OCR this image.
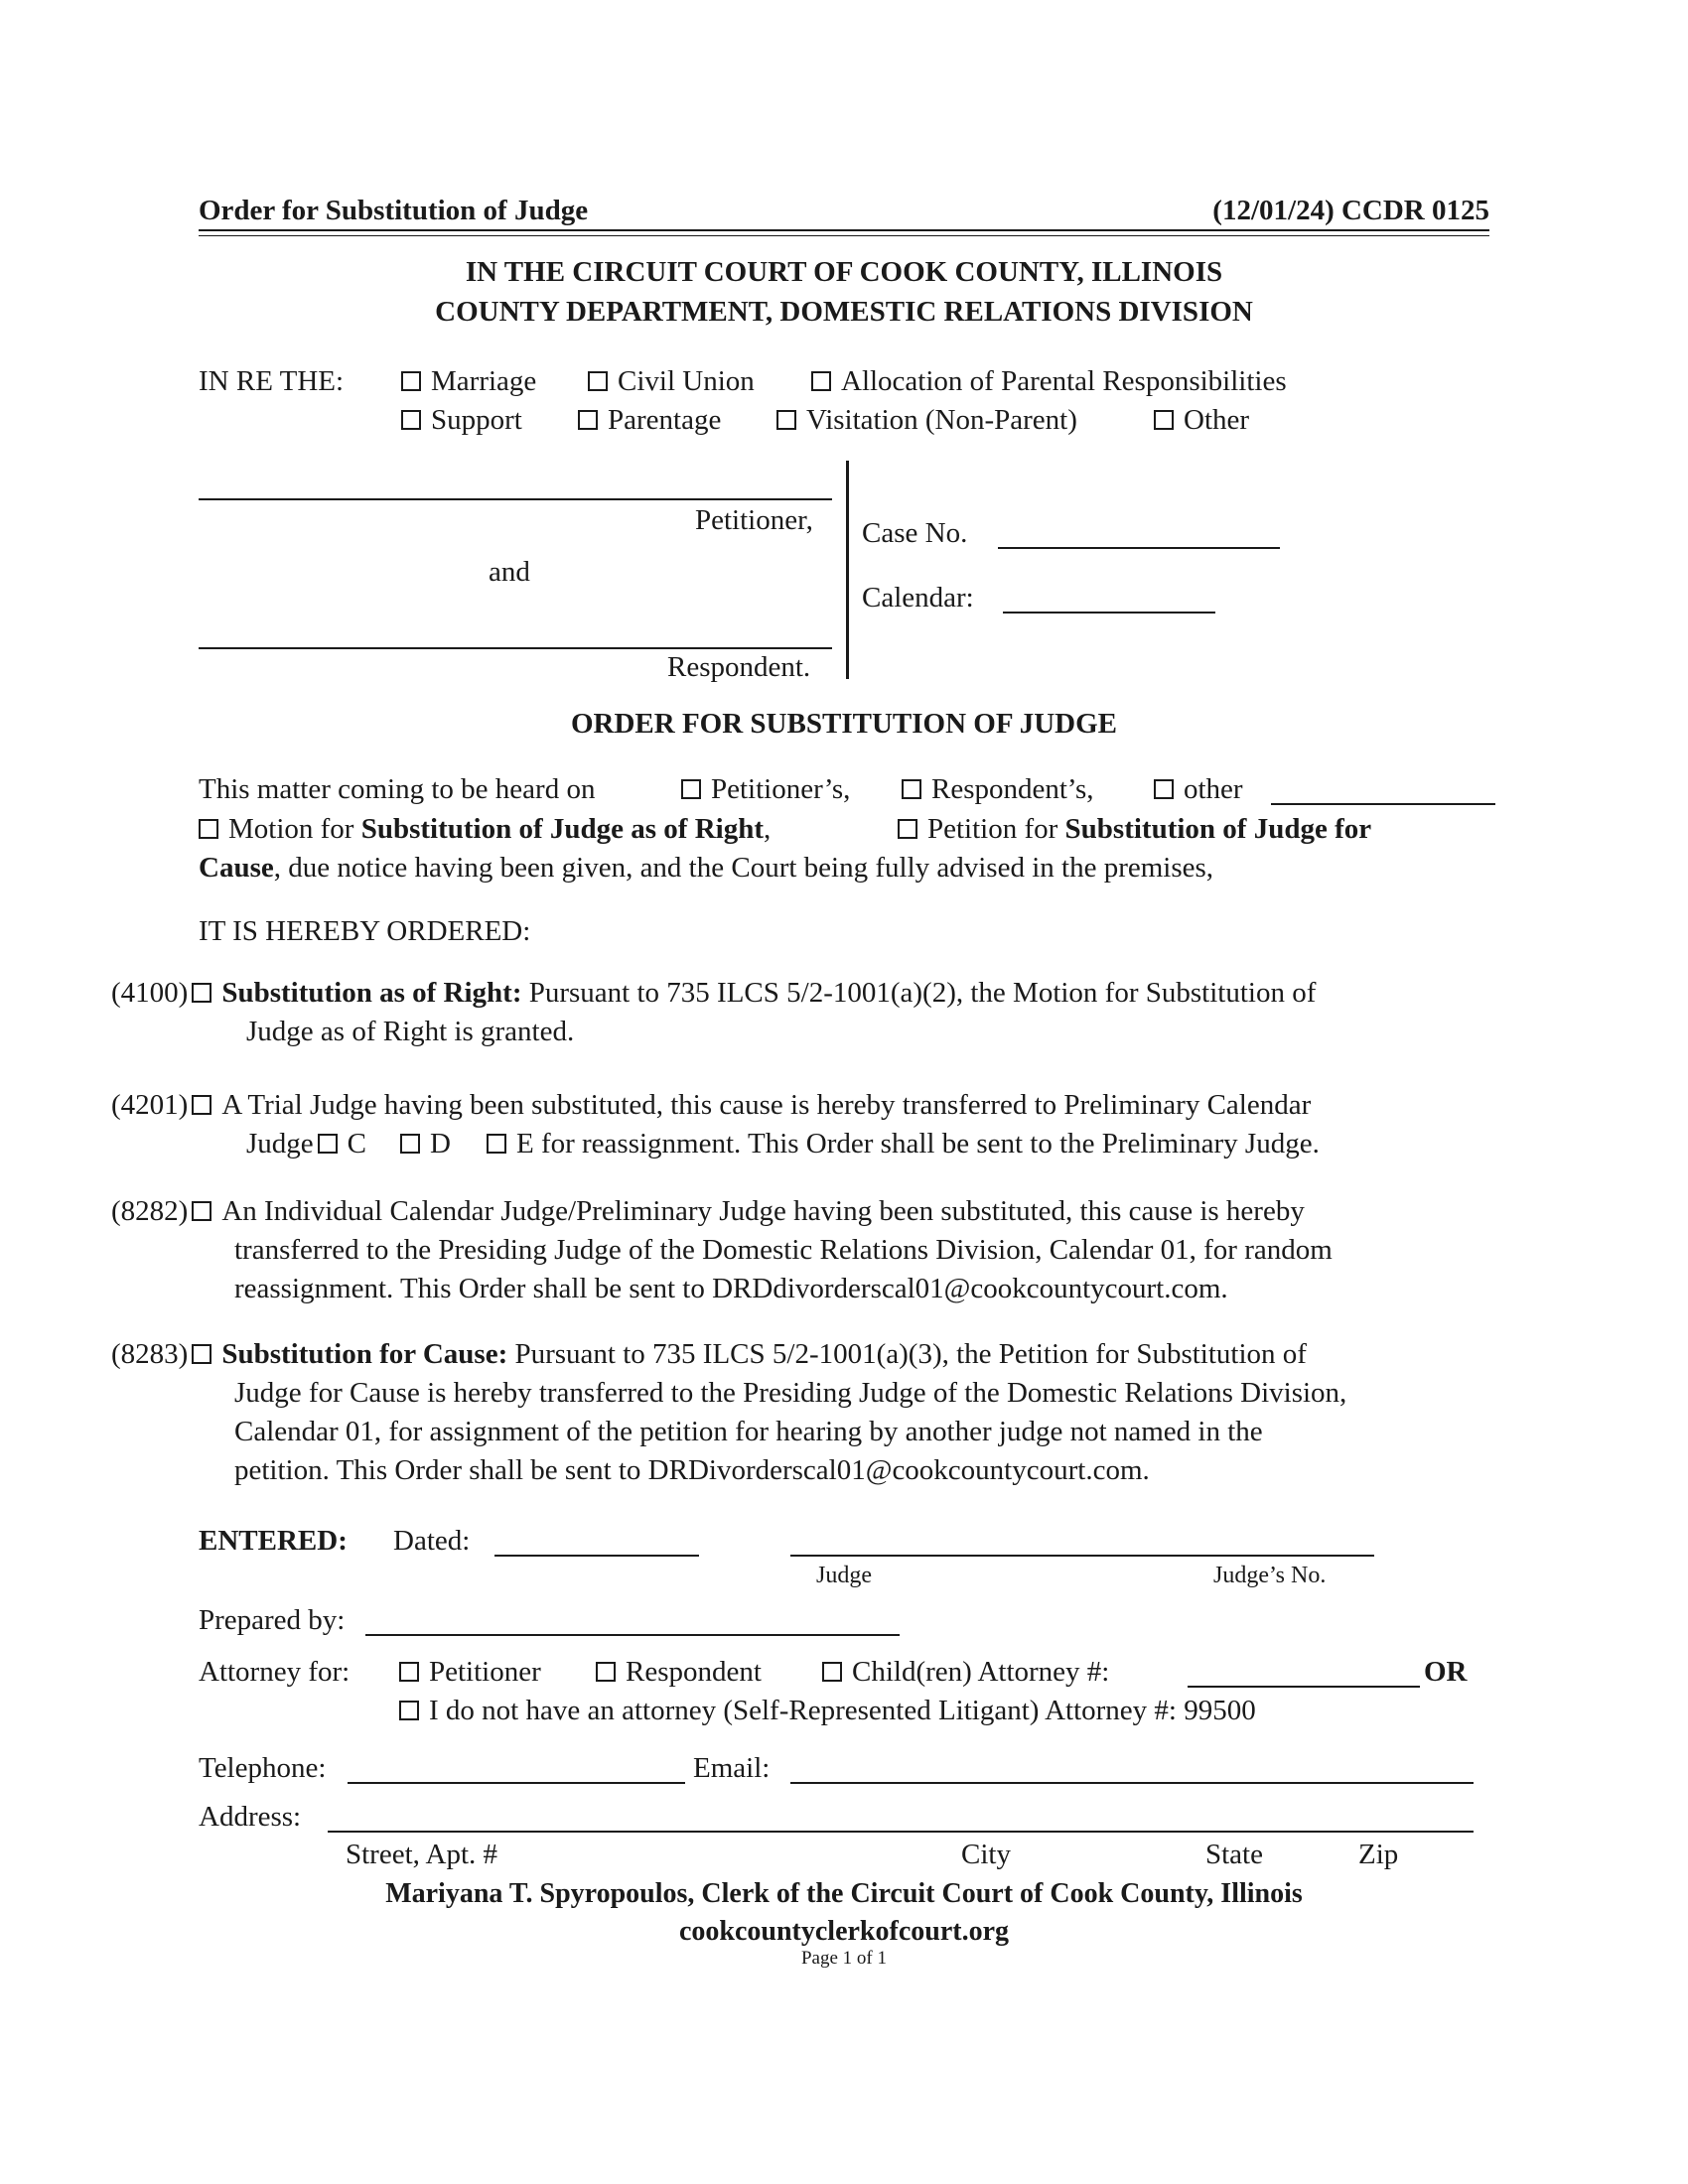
Order for Substitution of Judge	(12/01/24) CCDR 0125
IN THE CIRCUIT COURT OF COOK COUNTY, ILLINOIS
COUNTY DEPARTMENT, DOMESTIC RELATIONS DIVISION
IN RE THE:	Marriage	Civil Union	Allocation of Parental Responsibilities
Support	Parentage	Visitation (Non-Parent)	Other
Petitioner,
and
Respondent.
Case No.
Calendar:
ORDER FOR SUBSTITUTION OF JUDGE
This matter coming to be heard on	Petitioner’s,	Respondent’s,	other
Motion for Substitution of Judge as of Right,	Petition for Substitution of Judge for
Cause, due notice having been given, and the Court being fully advised in the premises,
IT IS HEREBY ORDERED:
(4100) Substitution as of Right: Pursuant to 735 ILCS 5/2-1001(a)(2), the Motion for Substitution of
Judge as of Right is granted.
(4201) A Trial Judge having been substituted, this cause is hereby transferred to Preliminary Calendar
Judge C D E for reassignment. This Order shall be sent to the Preliminary Judge.
(8282) An Individual Calendar Judge/Preliminary Judge having been substituted, this cause is hereby
transferred to the Presiding Judge of the Domestic Relations Division, Calendar 01, for random
reassignment. This Order shall be sent to DRDdivorderscal01@cookcountycourt.com.
(8283) Substitution for Cause: Pursuant to 735 ILCS 5/2-1001(a)(3), the Petition for Substitution of
Judge for Cause is hereby transferred to the Presiding Judge of the Domestic Relations Division,
Calendar 01, for assignment of the petition for hearing by another judge not named in the
petition. This Order shall be sent to DRDivorderscal01@cookcountycourt.com.
ENTERED: Dated:
Judge	Judge’s No.
Prepared by:
Attorney for:	Petitioner	Respondent	Child(ren) Attorney #:	OR
I do not have an attorney (Self-Represented Litigant) Attorney #: 99500
Telephone:	Email:
Address:
Street, Apt. #	City	State	Zip
Mariyana T. Spyropoulos, Clerk of the Circuit Court of Cook County, Illinois
cookcountyclerkofcourt.org
Page 1 of 1
